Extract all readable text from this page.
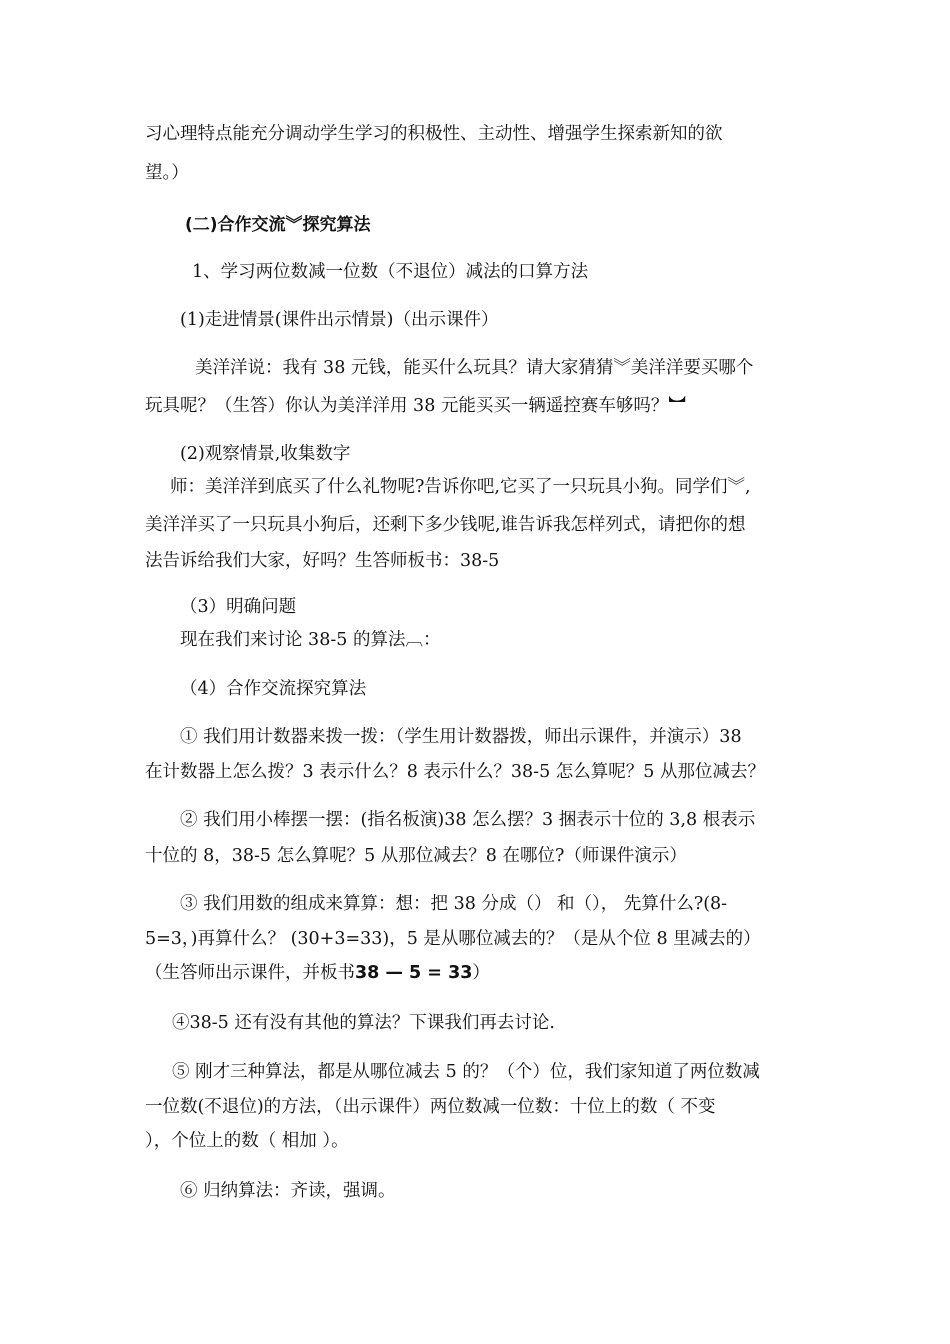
习心理特点能充分调动学生学习的积极性、主动性、增强学生探索新知的欲
望。）
(二)合作交流︾探究算法
1、学习两位数减一位数（不退位）减法的口算方法
(1)走进情景(课件出示情景)（出示课件）
美洋洋说：我有 38 元钱，能买什么玩具？请大家猜猜︾美洋洋要买哪个
玩具呢？（生答）你认为美洋洋用 38 元能买买一辆遥控赛车够吗？︼
(2)观察情景,收集数字
师：美洋洋到底买了什么礼物呢?告诉你吧,它买了一只玩具小狗。同学们︾,
美洋洋买了一只玩具小狗后，还剩下多少钱呢,谁告诉我怎样列式，请把你的想
法告诉给我们大家，好吗？生答师板书：38-5
（3）明确问题
现在我们来讨论 38-5 的算法︹：
（4）合作交流探究算法
① 我们用计数器来拨一拨：（学生用计数器拨，师出示课件，并演示）38
在计数器上怎么拨？3 表示什么？8 表示什么？38-5 怎么算呢？5 从那位减去？
② 我们用小棒摆一摆：(指名板演)38 怎么摆？3 捆表示十位的 3,8 根表示
十位的 8，38-5 怎么算呢？5 从那位减去？8 在哪位?（师课件演示）
③ 我们用数的组成来算算：想：把 38 分成（） 和（）， 先算什么?(8-
5=3，)再算什么？ (30+3=33)，5 是从哪位减去的？（是从个位 8 里减去的）
（生答师出示课件，并板书38 — 5 = 33）
④38-5 还有没有其他的算法？下课我们再去讨论.
⑤ 刚才三种算法，都是从哪位减去 5 的？（个）位，我们家知道了两位数减
一位数(不退位)的方法，（出示课件）两位数减一位数：十位上的数（ 不变
），个位上的数（ 相加 ）。
⑥ 归纳算法：齐读，强调。
